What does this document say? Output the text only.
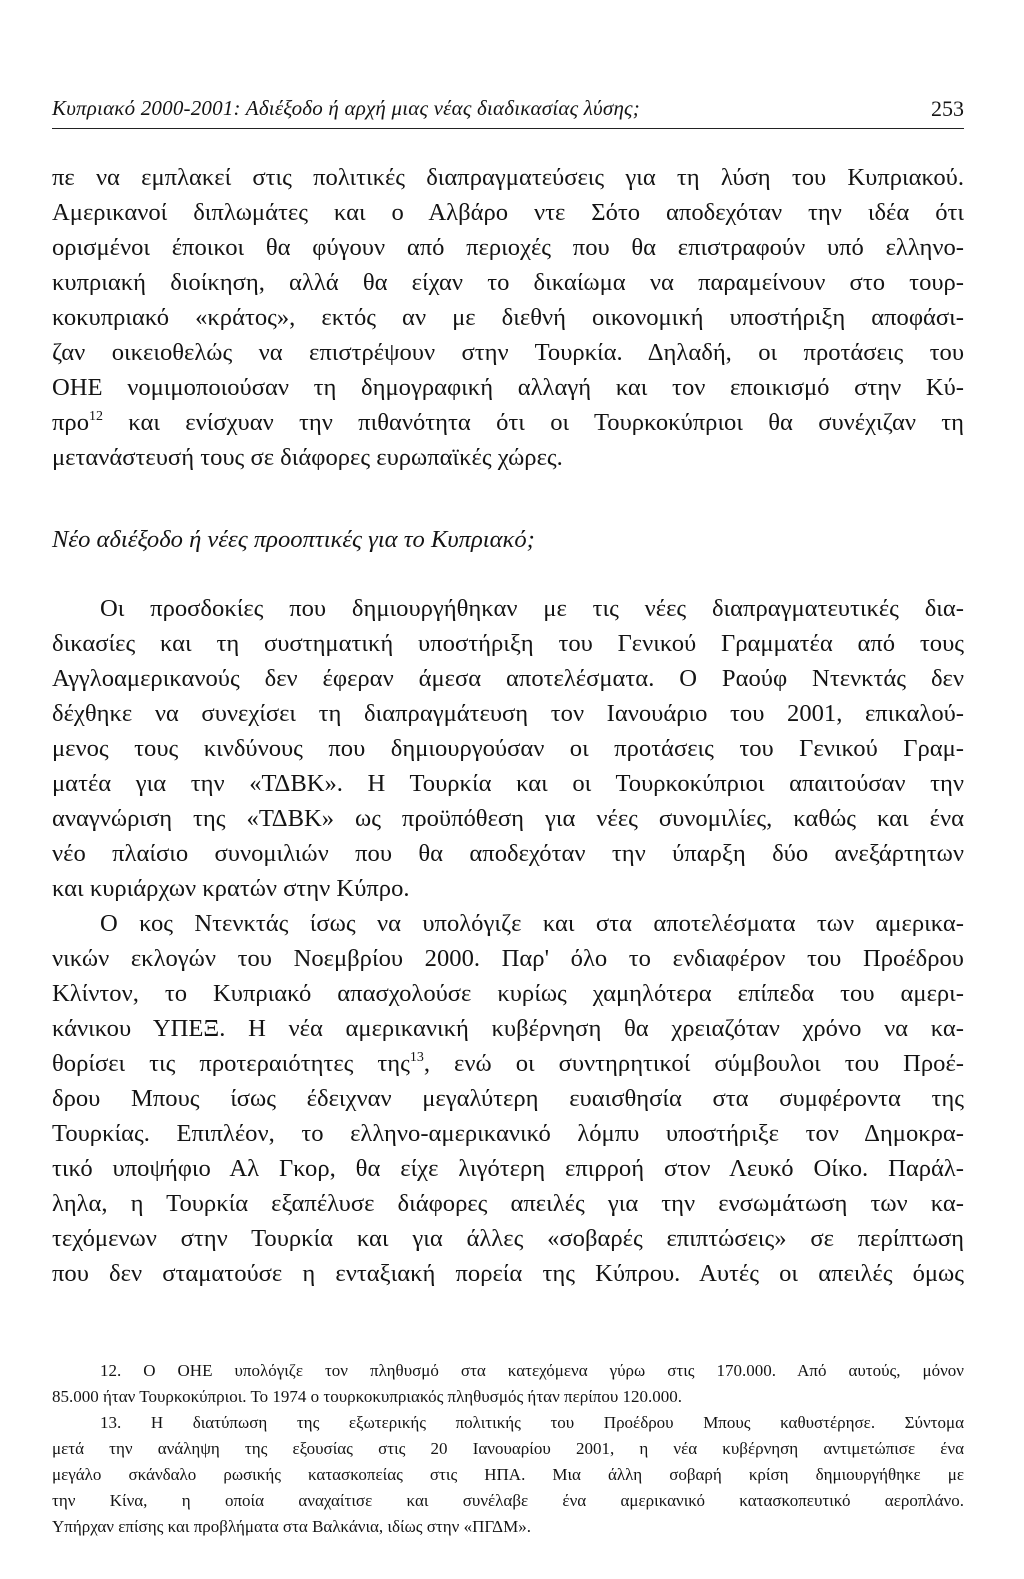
Κυπριακό 2000-2001: Αδιέξοδο ή αρχή μιας νέας διαδικασίας λύσης;	253
πε να εμπλακεί στις πολιτικές διαπραγματεύσεις για τη λύση του Κυπριακού.
Αμερικανοί διπλωμάτες και ο Αλβάρο ντε Σότο αποδεχόταν την ιδέα ότι
ορισμένοι έποικοι θα φύγουν από περιοχές που θα επιστραφούν υπό ελληνο-
κυπριακή διοίκηση, αλλά θα είχαν το δικαίωμα να παραμείνουν στο τουρ-
κοκυπριακό «κράτος», εκτός αν με διεθνή οικονομική υποστήριξη αποφάσι-
ζαν οικειοθελώς να επιστρέψουν στην Τουρκία. Δηλαδή, οι προτάσεις του
ΟΗΕ νομιμοποιούσαν τη δημογραφική αλλαγή και τον εποικισμό στην Κύ-
προ$^{12}$ και ενίσχυαν την πιθανότητα ότι οι Τουρκοκύπριοι θα συνέχιζαν τη
μετανάστευσή τους σε διάφορες ευρωπαϊκές χώρες.
Νέο αδιέξοδο ή νέες προοπτικές για το Κυπριακό;
Οι προσδοκίες που δημιουργήθηκαν με τις νέες διαπραγματευτικές δια-
δικασίες και τη συστηματική υποστήριξη του Γενικού Γραμματέα από τους
Αγγλοαμερικανούς δεν έφεραν άμεσα αποτελέσματα. Ο Ραούφ Ντενκτάς δεν
δέχθηκε να συνεχίσει τη διαπραγμάτευση τον Ιανουάριο του 2001, επικαλού-
μενος τους κινδύνους που δημιουργούσαν οι προτάσεις του Γενικού Γραμ-
ματέα για την «ΤΔΒΚ». Η Τουρκία και οι Τουρκοκύπριοι απαιτούσαν την
αναγνώριση της «ΤΔΒΚ» ως προϋπόθεση για νέες συνομιλίες, καθώς και ένα
νέο πλαίσιο συνομιλιών που θα αποδεχόταν την ύπαρξη δύο ανεξάρτητων
και κυριάρχων κρατών στην Κύπρο.
Ο κος Ντενκτάς ίσως να υπολόγιζε και στα αποτελέσματα των αμερικα-
νικών εκλογών του Νοεμβρίου 2000. Παρ' όλο το ενδιαφέρον του Προέδρου
Κλίντον, το Κυπριακό απασχολούσε κυρίως χαμηλότερα επίπεδα του αμερι-
κάνικου ΥΠΕΞ. Η νέα αμερικανική κυβέρνηση θα χρειαζόταν χρόνο να κα-
θορίσει τις προτεραιότητες της$^{13}$, ενώ οι συντηρητικοί σύμβουλοι του Προέ-
δρου Μπους ίσως έδειχναν μεγαλύτερη ευαισθησία στα συμφέροντα της
Τουρκίας. Επιπλέον, το ελληνο-αμερικανικό λόμπυ υποστήριξε τον Δημοκρα-
τικό υποψήφιο Αλ Γκορ, θα είχε λιγότερη επιρροή στον Λευκό Οίκο. Παράλ-
ληλα, η Τουρκία εξαπέλυσε διάφορες απειλές για την ενσωμάτωση των κα-
τεχόμενων στην Τουρκία και για άλλες «σοβαρές επιπτώσεις» σε περίπτωση
που δεν σταματούσε η ενταξιακή πορεία της Κύπρου. Αυτές οι απειλές όμως
12. Ο ΟΗΕ υπολόγιζε τον πληθυσμό στα κατεχόμενα γύρω στις 170.000. Από αυτούς, μόνον
85.000 ήταν Τουρκοκύπριοι. Το 1974 ο τουρκοκυπριακός πληθυσμός ήταν περίπου 120.000.
13. Η διατύπωση της εξωτερικής πολιτικής του Προέδρου Μπους καθυστέρησε. Σύντομα
μετά την ανάληψη της εξουσίας στις 20 Ιανουαρίου 2001, η νέα κυβέρνηση αντιμετώπισε ένα
μεγάλο σκάνδαλο ρωσικής κατασκοπείας στις ΗΠΑ. Μια άλλη σοβαρή κρίση δημιουργήθηκε με
την Κίνα, η οποία αναχαίτισε και συνέλαβε ένα αμερικανικό κατασκοπευτικό αεροπλάνο.
Υπήρχαν επίσης και προβλήματα στα Βαλκάνια, ιδίως στην «ΠΓΔΜ».
